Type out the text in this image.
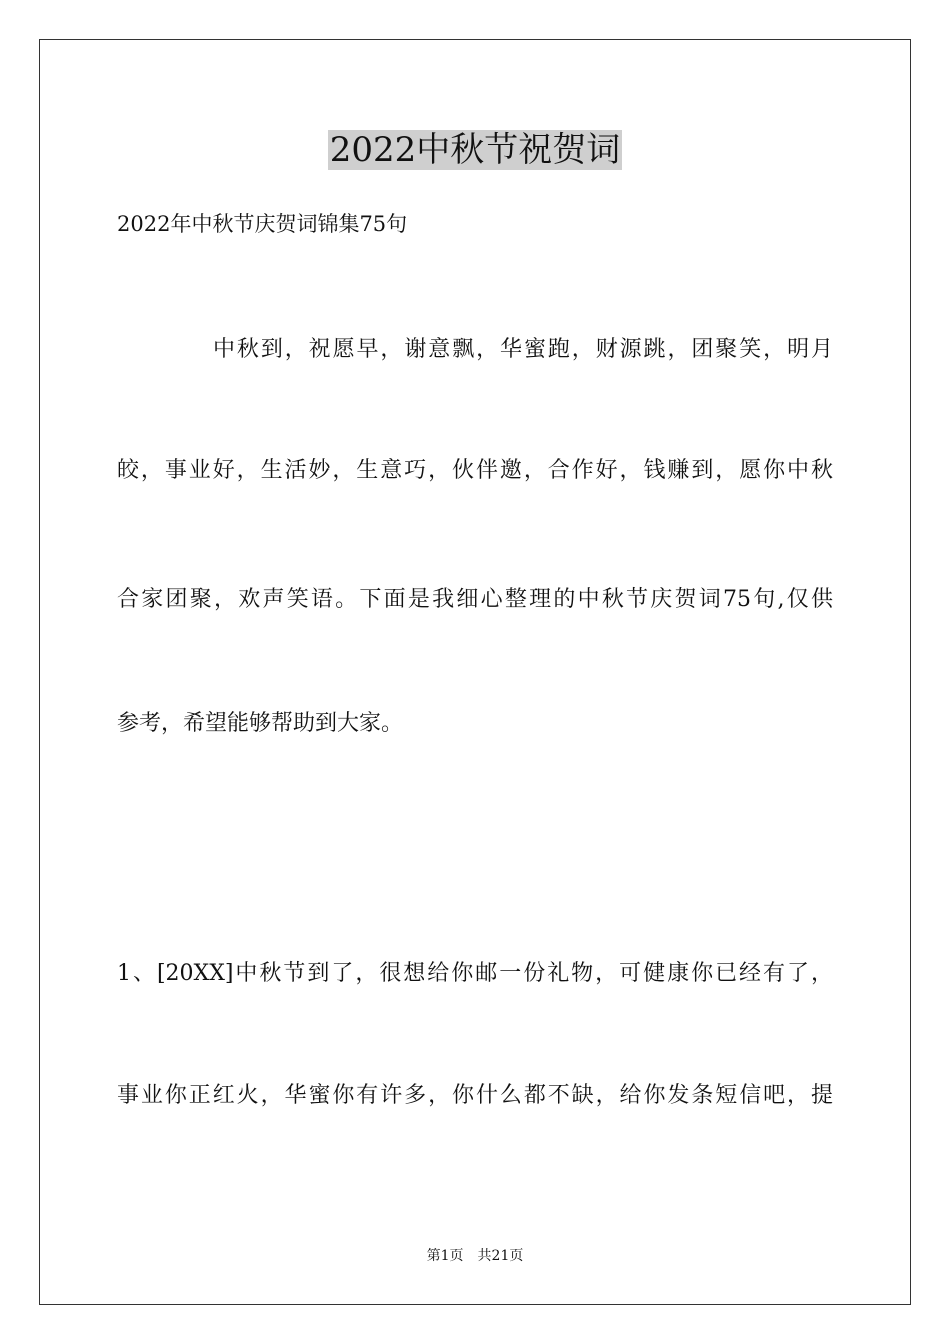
2022中秋节祝贺词
2022年中秋节庆贺词锦集75句
中秋到，祝愿早，谢意飘，华蜜跑，财源跳，团聚笑，明月
皎，事业好，生活妙，生意巧，伙伴邀，合作好，钱赚到，愿你中秋
合家团聚，欢声笑语。下面是我细心整理的中秋节庆贺词75句,仅供
参考，希望能够帮助到大家。
1、[20XX]中秋节到了，很想给你邮一份礼物，可健康你已经有了，
事业你正红火，华蜜你有许多，你什么都不缺，给你发条短信吧，提
第1页　共21页
